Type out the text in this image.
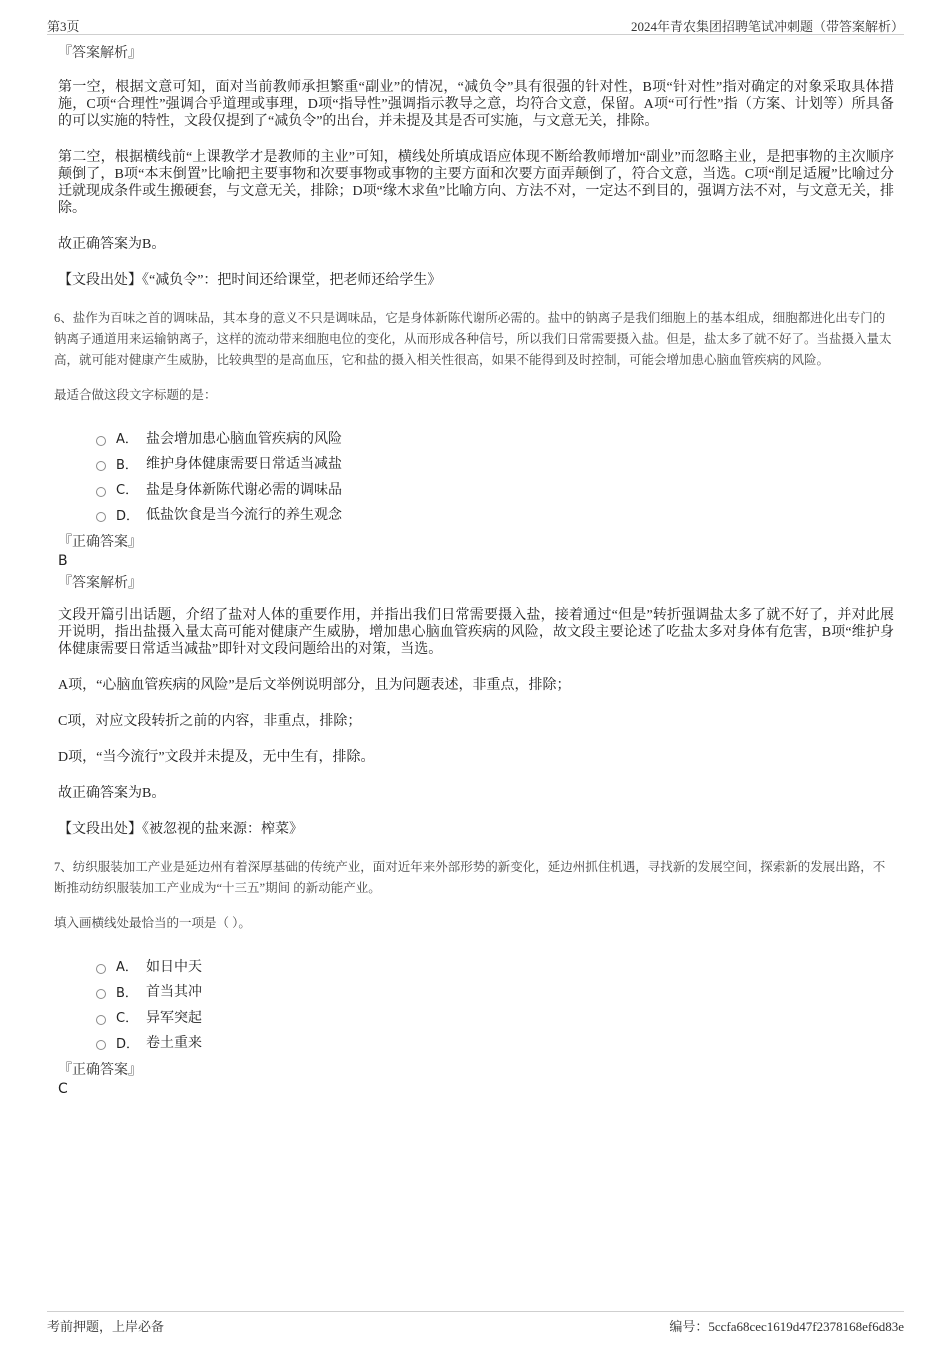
第3页	2024年青农集团招聘笔试冲刺题（带答案解析）
『答案解析』

第一空，根据文意可知，面对当前教师承担繁重“副业”的情况，“减负令”具有很强的针对性，B项“针对性”指对确定的对象采取具体措施，C项“合理性”强调合乎道理或事理，D项“指导性”强调指示教导之意，均符合文意，保留。A项“可行性”指（方案、计划等）所具备的可以实施的特性，文段仅提到了“减负令”的出台，并未提及其是否可实施，与文意无关，排除。

第二空，根据横线前“上课教学才是教师的主业”可知，横线处所填成语应体现不断给教师增加“副业”而忽略主业，是把事物的主次顺序颠倒了，B项“本末倒置”比喻把主要事物和次要事物或事物的主要方面和次要方面弄颠倒了，符合文意，当选。C项“削足适履”比喻过分迁就现成条件或生搬硬套，与文意无关，排除；D项“缘木求鱼”比喻方向、方法不对，一定达不到目的，强调方法不对，与文意无关，排除。

故正确答案为B。

【文段出处】《“减负令”：把时间还给课堂，把老师还给学生》

6、盐作为百味之首的调味品，其本身的意义不只是调味品，它是身体新陈代谢所必需的。盐中的钠离子是我们细胞上的基本组成，细胞都进化出专门的钠离子通道用来运输钠离子，这样的流动带来细胞电位的变化，从而形成各种信号，所以我们日常需要摄入盐。但是，盐太多了就不好了。当盐摄入量太高，就可能对健康产生威胁，比较典型的是高血压，它和盐的摄入相关性很高，如果不能得到及时控制，可能会增加患心脑血管疾病的风险。

最适合做这段文字标题的是：

A． 盐会增加患心脑血管疾病的风险
B． 维护身体健康需要日常适当减盐
C． 盐是身体新陈代谢必需的调味品
D． 低盐饮食是当今流行的养生观念
『正确答案』
B
『答案解析』

文段开篇引出话题，介绍了盐对人体的重要作用，并指出我们日常需要摄入盐，接着通过“但是”转折强调盐太多了就不好了，并对此展开说明，指出盐摄入量太高可能对健康产生威胁，增加患心脑血管疾病的风险，故文段主要论述了吃盐太多对身体有危害，B项“维护身体健康需要日常适当减盐”即针对文段问题给出的对策，当选。

A项，“心脑血管疾病的风险”是后文举例说明部分，且为问题表述，非重点，排除；

C项，对应文段转折之前的内容，非重点，排除；

D项，“当今流行”文段并未提及，无中生有，排除。

故正确答案为B。

【文段出处】《被忽视的盐来源：榨菜》

7、纺织服装加工产业是延边州有着深厚基础的传统产业，面对近年来外部形势的新变化，延边州抓住机遇，寻找新的发展空间，探索新的发展出路，不断推动纺织服装加工产业成为“十三五”期间 的新动能产业。

填入画横线处最恰当的一项是（ ）。

A． 如日中天
B． 首当其冲
C． 异军突起
D． 卷土重来
『正确答案』
C
考前押题，上岸必备	编号：5ccfa68cec1619d47f2378168ef6d83e
